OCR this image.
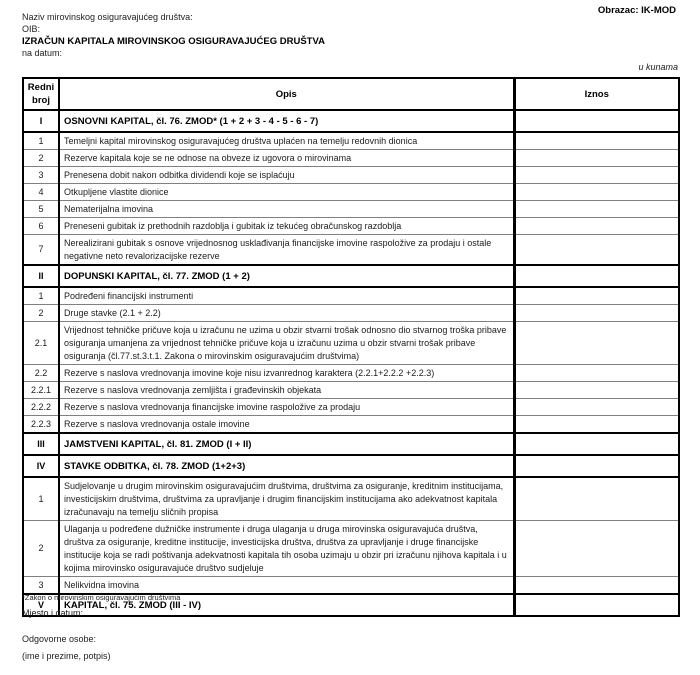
Obrazac: IK-MOD
Naziv mirovinskog osiguravajućeg društva:
OIB:
IZRAČUN KAPITALA MIROVINSKOG OSIGURAVAJUĆEG DRUŠTVA
na datum:
u kunama
Redni broj	Opis	Iznos
I	OSNOVNI KAPITAL, čl. 76. ZMOD* (1 + 2 + 3 - 4 - 5 - 6 - 7)	
1	Temeljni kapital mirovinskog osiguravajućeg društva uplaćen na temelju redovnih dionica	
2	Rezerve kapitala koje se ne odnose na obveze iz ugovora o mirovinama	
3	Prenesena dobit nakon odbitka dividendi koje se isplaćuju	
4	Otkupljene vlastite dionice	
5	Nematerijalna imovina	
6	Preneseni gubitak iz prethodnih razdoblja i gubitak iz tekućeg obračunskog razdoblja	
7	Nerealizirani gubitak s osnove vrijednosnog usklađivanja financijske imovine raspoložive za prodaju i ostale negativne neto revalorizacijske rezerve	
II	DOPUNSKI KAPITAL, čl. 77. ZMOD (1 + 2)	
1	Podređeni financijski instrumenti	
2	Druge stavke (2.1 + 2.2)	
2.1	Vrijednost tehničke pričuve koja u izračunu ne uzima u obzir stvarni trošak odnosno dio stvarnog troška pribave osiguranja umanjena za vrijednost tehničke pričuve koja u izračunu uzima u obzir stvarni trošak pribave osiguranja (čl.77.st.3.t.1. Zakona o mirovinskim osiguravajućim društvima)	
2.2	Rezerve s naslova vrednovanja imovine koje nisu izvanrednog karaktera (2.2.1+2.2.2 +2.2.3)	
2.2.1	Rezerve s naslova vrednovanja zemljišta i građevinskih objekata	
2.2.2	Rezerve s naslova vrednovanja financijske imovine raspoložive za prodaju	
2.2.3	Rezerve s naslova vrednovanja ostale imovine	
III	JAMSTVENI KAPITAL, čl. 81. ZMOD (I + II)	
IV	STAVKE ODBITKA, čl. 78. ZMOD (1+2+3)	
1	Sudjelovanje u drugim mirovinskim osiguravajućim društvima, društvima za osiguranje, kreditnim institucijama, investicijskim društvima, društvima za upravljanje i drugim financijskim institucijama ako adekvatnost kapitala izračunavaju na temelju sličnih propisa	
2	Ulaganja u podređene dužničke instrumente i druga ulaganja u druga mirovinska osiguravajuća društva, društva za osiguranje, kreditne institucije, investicijska društva, društva za upravljanje i druge financijske institucije koja se radi poštivanja adekvatnosti kapitala tih osoba uzimaju u obzir pri izračunu njihova kapitala i u kojima mirovinsko osiguravajuće društvo sudjeluje	
3	Nelikvidna imovina	
V	KAPITAL, čl. 75. ZMOD (III - IV)	
*Zakon o mirovinskim osiguravajućim društvima
Mjesto i datum:
Odgovorne osobe:
(ime i prezime, potpis)
